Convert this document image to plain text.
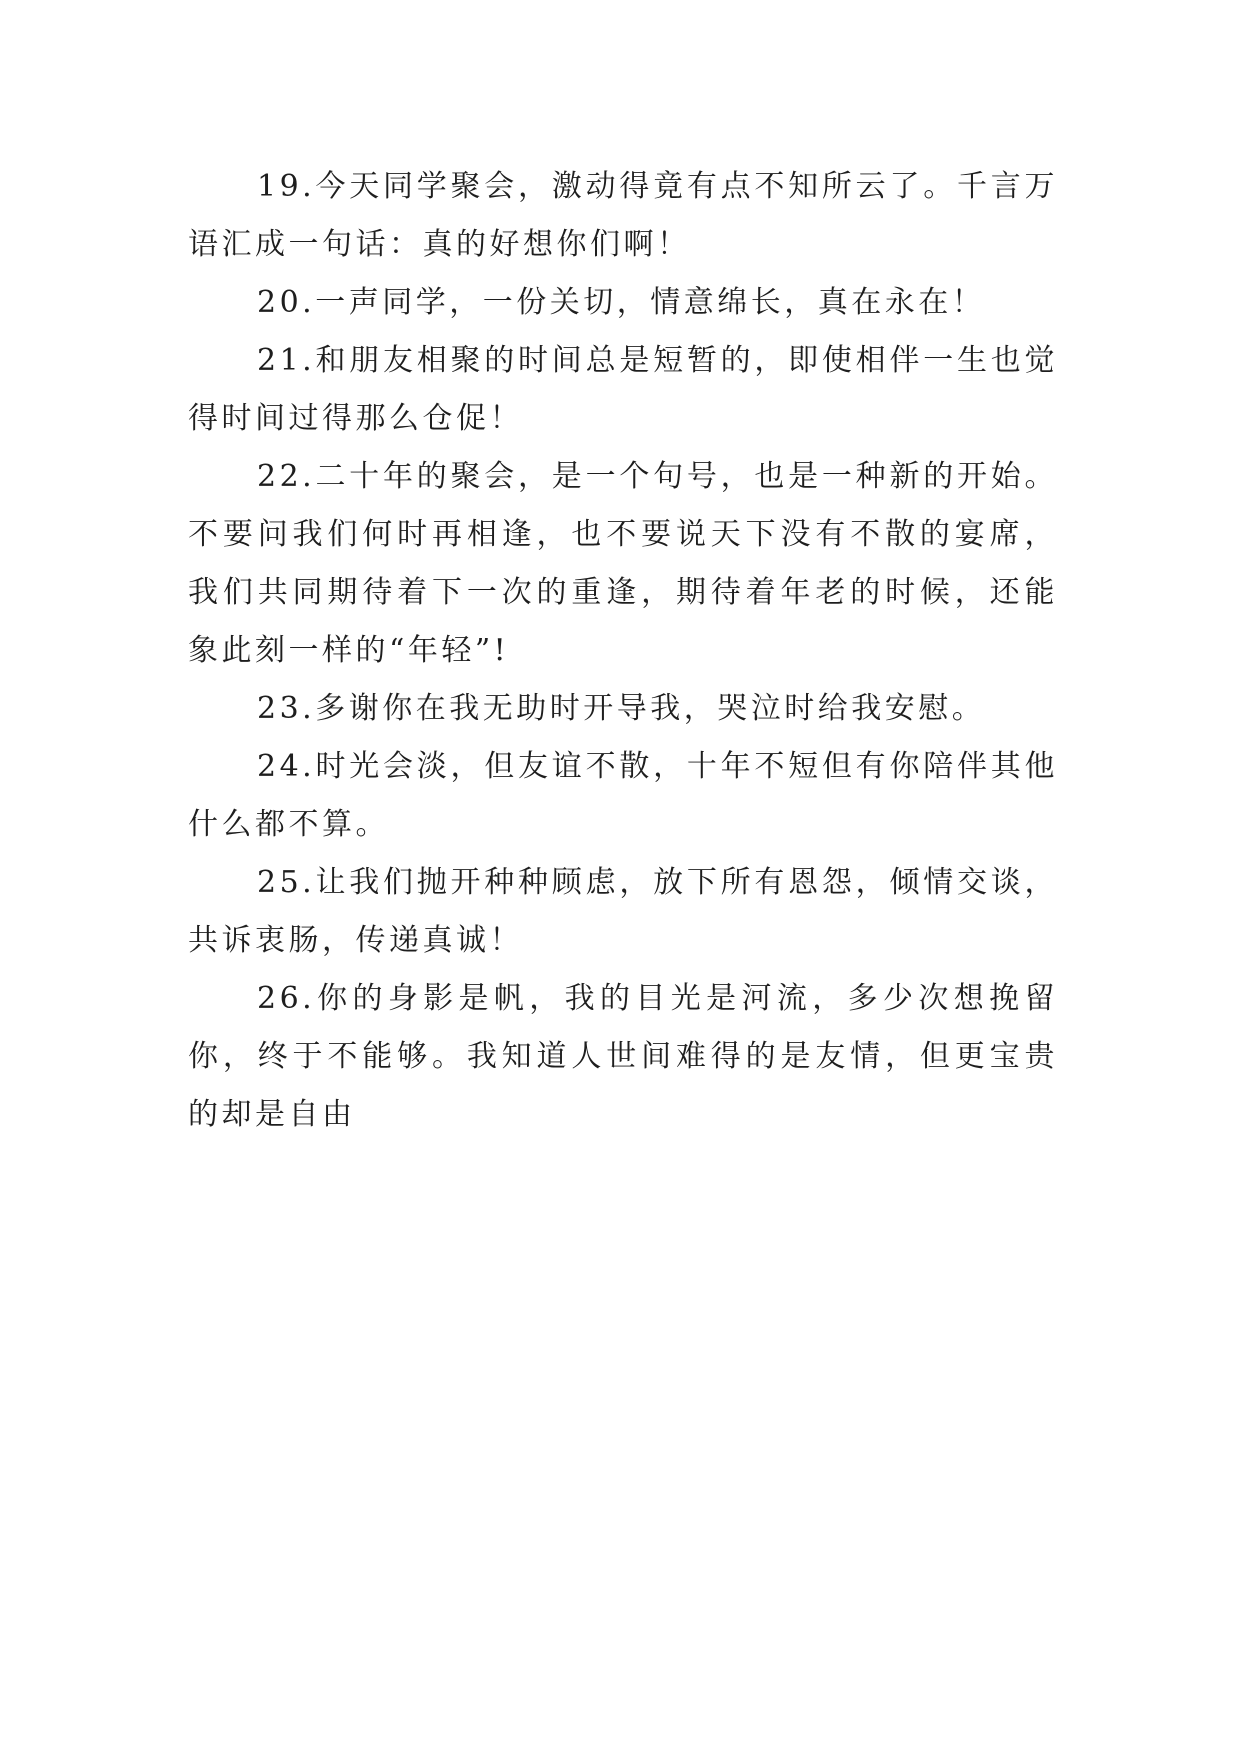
19.今天同学聚会，激动得竟有点不知所云了。千言万语汇成一句话：真的好想你们啊！

20.一声同学，一份关切，情意绵长，真在永在！

21.和朋友相聚的时间总是短暂的，即使相伴一生也觉得时间过得那么仓促！

22.二十年的聚会，是一个句号，也是一种新的开始。不要问我们何时再相逢，也不要说天下没有不散的宴席，我们共同期待着下一次的重逢，期待着年老的时候，还能象此刻一样的“年轻”!

23.多谢你在我无助时开导我，哭泣时给我安慰。

24.时光会淡，但友谊不散，十年不短但有你陪伴其他什么都不算。

25.让我们抛开种种顾虑，放下所有恩怨，倾情交谈，共诉衷肠，传递真诚！

26.你的身影是帆，我的目光是河流，多少次想挽留你，终于不能够。我知道人世间难得的是友情，但更宝贵的却是自由
